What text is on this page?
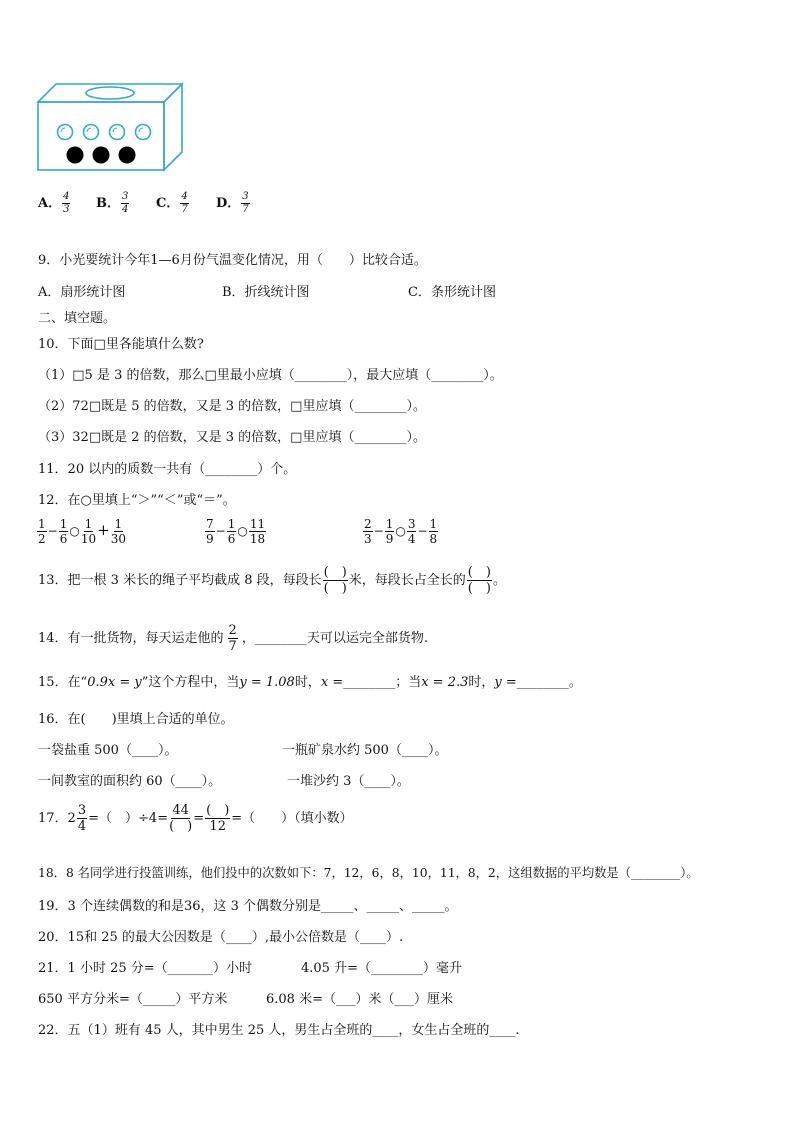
A． $\frac{4}{3}$ B． $\frac{3}{4}$ C． $\frac{4}{7}$ D． $\frac{3}{7}$
9．小光要统计今年1—6月份气温变化情况，用（　　）比较合适。
A．扇形统计图	B．折线统计图	C．条形统计图
二、填空题。
10．下面□里各能填什么数?
（1）□5 是 3 的倍数，那么□里最小应填（________），最大应填（________）。
（2）72□既是 5 的倍数，又是 3 的倍数，□里应填（________）。
（3）32□既是 2 的倍数，又是 3 的倍数，□里应填（________）。
11．20 以内的质数一共有（________）个。
12．在○里填上“＞”“＜”或“＝”。
$\frac{1}{2} - \frac{1}{6}$ ○ $\frac{1}{10} + \frac{1}{30}$	$\frac{7}{9} - \frac{1}{6}$ ○ $\frac{11}{18}$	$\frac{2}{3} - \frac{1}{9}$ ○ $\frac{3}{4} - \frac{1}{8}$
13．把一根 3 米长的绳子平均截成 8 段，每段长 $\frac{( )}{( )}$ 米，每段长占全长的 $\frac{( )}{( )}$ 。
14．有一批货物，每天运走他的 $\frac{2}{7}$ ，________天可以运完全部货物.
15．在“0.9x = y”这个方程中，当y = 1.08时，x =________；当x = 2.3时，y =________。
16．在(　　)里填上合适的单位。
一袋盐重 500（____）。	一瓶矿泉水约 500（____）。
一间教室的面积约 60（____）。	一堆沙约 3（____）。
17．$2 \frac{3}{4}$ =（　）$\div 4= \frac{44}{( )} = \frac{( )}{12}$ =（　　）（填小数）
18．8 名同学进行投篮训练，他们投中的次数如下：7，12，6，8，10，11，8，2，这组数据的平均数是（________）。
19．3 个连续偶数的和是36，这 3 个偶数分别是_____、_____、_____。
20．15和 25 的最大公因数是（____）,最小公倍数是（____）.
21．1 小时 25 分=（_______）小时	4.05 升=（________）毫升
650 平方分米=（_____）平方米	6.08 米=（___）米（___）厘米
22．五（1）班有 45 人，其中男生 25 人，男生占全班的____，女生占全班的____.
